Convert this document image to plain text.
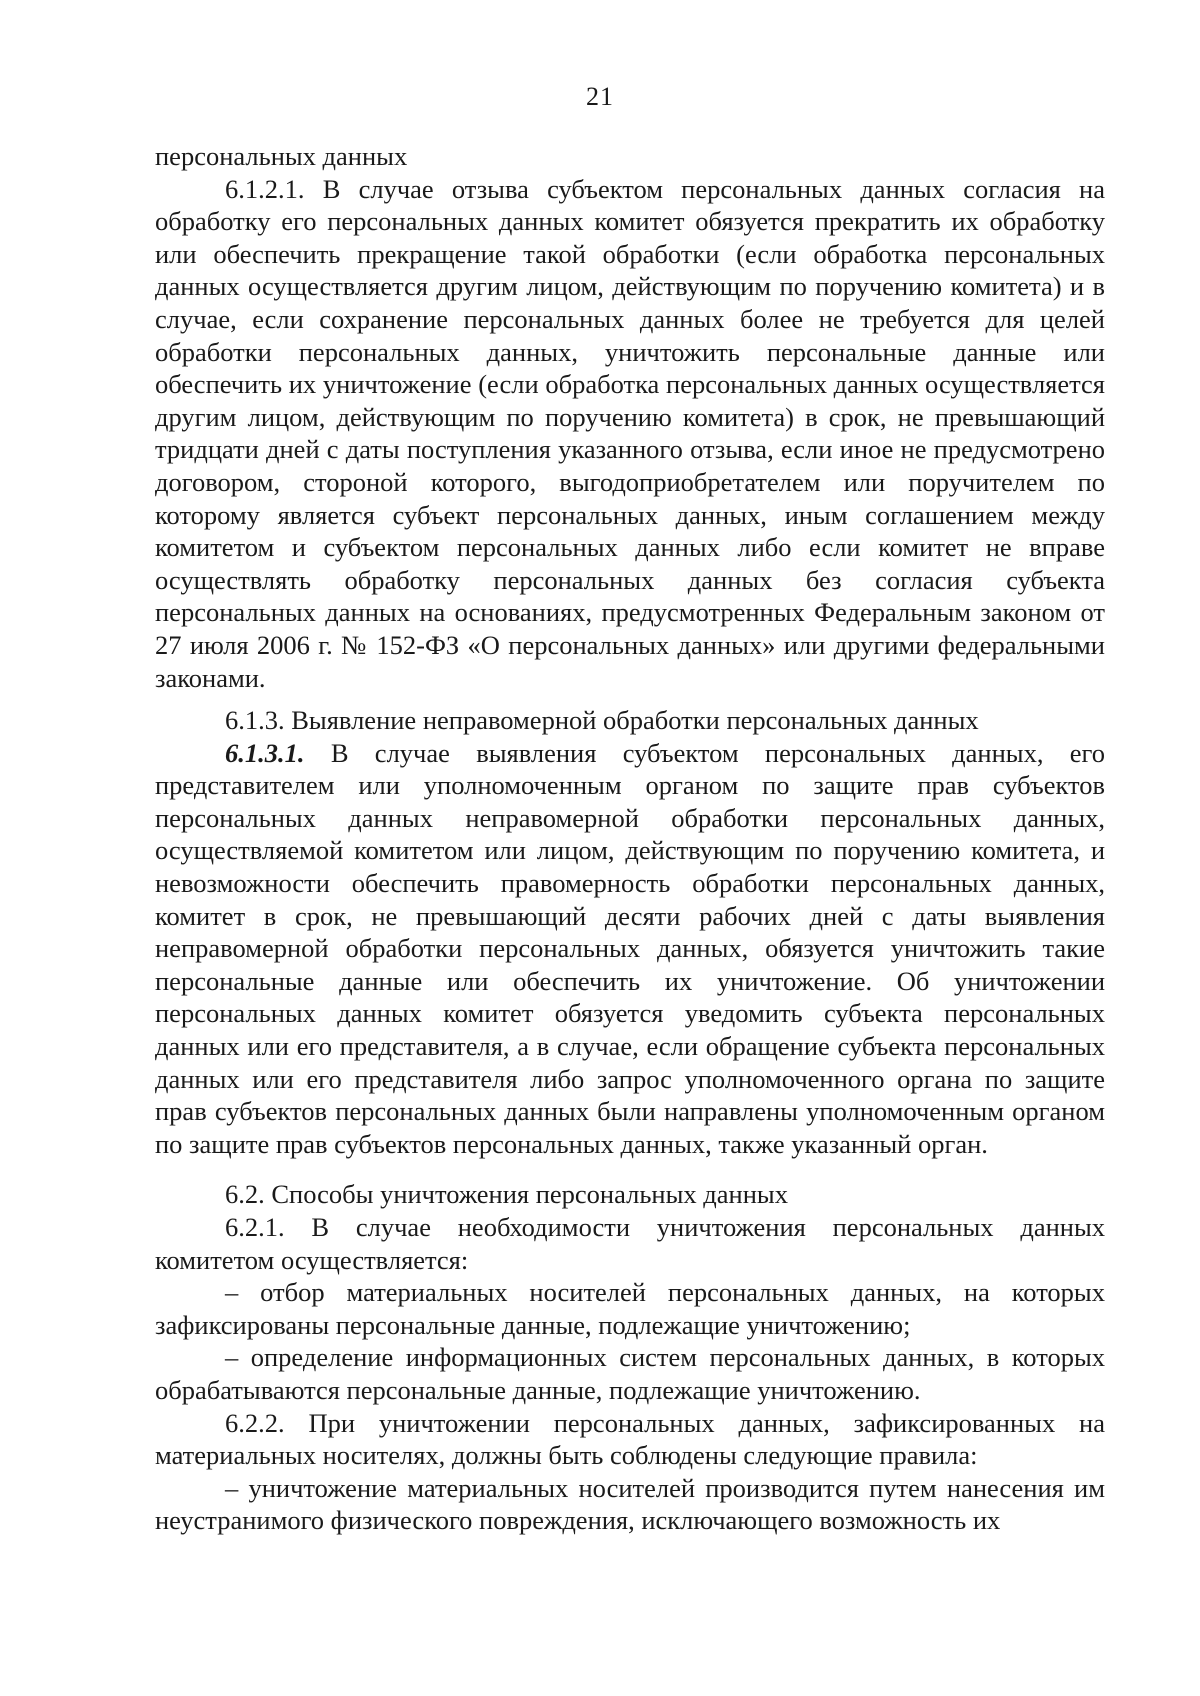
21

персональных данных

6.1.2.1. В случае отзыва субъектом персональных данных согласия на обработку его персональных данных комитет обязуется прекратить их обработку или обеспечить прекращение такой обработки (если обработка персональных данных осуществляется другим лицом, действующим по поручению комитета) и в случае, если сохранение персональных данных более не требуется для целей обработки персональных данных, уничтожить персональные данные или обеспечить их уничтожение (если обработка персональных данных осуществляется другим лицом, действующим по поручению комитета) в срок, не превышающий тридцати дней с даты поступления указанного отзыва, если иное не предусмотрено договором, стороной которого, выгодоприобретателем или поручителем по которому является субъект персональных данных, иным соглашением между комитетом и субъектом персональных данных либо если комитет не вправе осуществлять обработку персональных данных без согласия субъекта персональных данных на основаниях, предусмотренных Федеральным законом от 27 июля 2006 г. № 152-ФЗ «О персональных данных» или другими федеральными законами.

6.1.3. Выявление неправомерной обработки персональных данных

6.1.3.1. В случае выявления субъектом персональных данных, его представителем или уполномоченным органом по защите прав субъектов персональных данных неправомерной обработки персональных данных, осуществляемой комитетом или лицом, действующим по поручению комитета, и невозможности обеспечить правомерность обработки персональных данных, комитет в срок, не превышающий десяти рабочих дней с даты выявления неправомерной обработки персональных данных, обязуется уничтожить такие персональные данные или обеспечить их уничтожение. Об уничтожении персональных данных комитет обязуется уведомить субъекта персональных данных или его представителя, а в случае, если обращение субъекта персональных данных или его представителя либо запрос уполномоченного органа по защите прав субъектов персональных данных были направлены уполномоченным органом по защите прав субъектов персональных данных, также указанный орган.

6.2. Способы уничтожения персональных данных

6.2.1. В случае необходимости уничтожения персональных данных комитетом осуществляется:

– отбор материальных носителей персональных данных, на которых зафиксированы персональные данные, подлежащие уничтожению;

– определение информационных систем персональных данных, в которых обрабатываются персональные данные, подлежащие уничтожению.

6.2.2. При уничтожении персональных данных, зафиксированных на материальных носителях, должны быть соблюдены следующие правила:

– уничтожение материальных носителей производится путем нанесения им неустранимого физического повреждения, исключающего возможность их
